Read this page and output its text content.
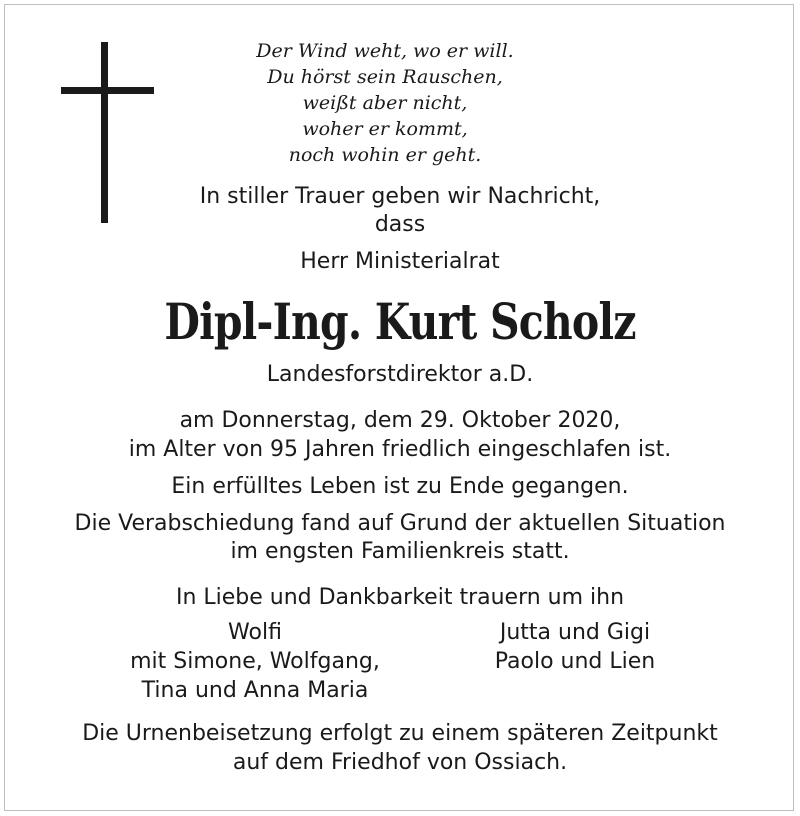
Der Wind weht, wo er will.
Du hörst sein Rauschen,
weißt aber nicht,
woher er kommt,
noch wohin er geht.
In stiller Trauer geben wir Nachricht,
dass
Herr Ministerialrat
Dipl-Ing. Kurt Scholz
Landesforstdirektor a.D.
am Donnerstag, dem 29. Oktober 2020,
im Alter von 95 Jahren friedlich eingeschlafen ist.
Ein erfülltes Leben ist zu Ende gegangen.
Die Verabschiedung fand auf Grund der aktuellen Situation
im engsten Familienkreis statt.
In Liebe und Dankbarkeit trauern um ihn
Wolfi
mit Simone, Wolfgang,
Tina und Anna Maria
Jutta und Gigi
Paolo und Lien
Die Urnenbeisetzung erfolgt zu einem späteren Zeitpunkt
auf dem Friedhof von Ossiach.
